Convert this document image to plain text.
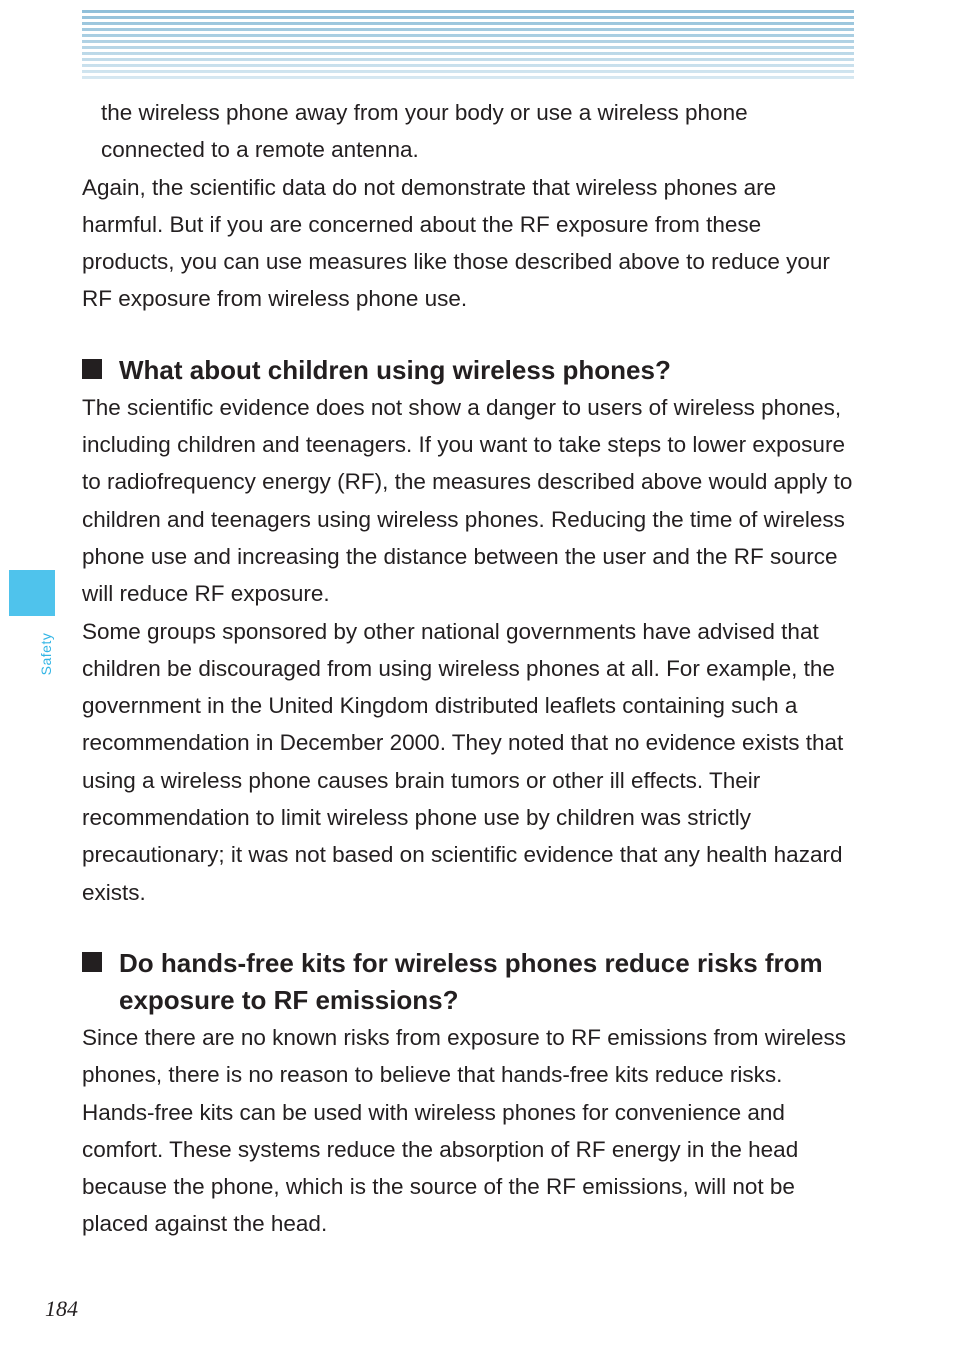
Safety

the wireless phone away from your body or use a wireless phone connected to a remote antenna.

Again, the scientific data do not demonstrate that wireless phones are harmful. But if you are concerned about the RF exposure from these products, you can use measures like those described above to reduce your RF exposure from wireless phone use.

What about children using wireless phones?

The scientific evidence does not show a danger to users of wireless phones, including children and teenagers. If you want to take steps to lower exposure to radiofrequency energy (RF), the measures described above would apply to children and teenagers using wireless phones. Reducing the time of wireless phone use and increasing the distance between the user and the RF source will reduce RF exposure.

Some groups sponsored by other national governments have advised that children be discouraged from using wireless phones at all. For example, the government in the United Kingdom distributed leaflets containing such a recommendation in December 2000. They noted that no evidence exists that using a wireless phone causes brain tumors or other ill effects. Their recommendation to limit wireless phone use by children was strictly precautionary; it was not based on scientific evidence that any health hazard exists.

Do hands-free kits for wireless phones reduce risks from exposure to RF emissions?

Since there are no known risks from exposure to RF emissions from wireless phones, there is no reason to believe that hands-free kits reduce risks. Hands-free kits can be used with wireless phones for convenience and comfort. These systems reduce the absorption of RF energy in the head because the phone, which is the source of the RF emissions, will not be placed against the head.

184
